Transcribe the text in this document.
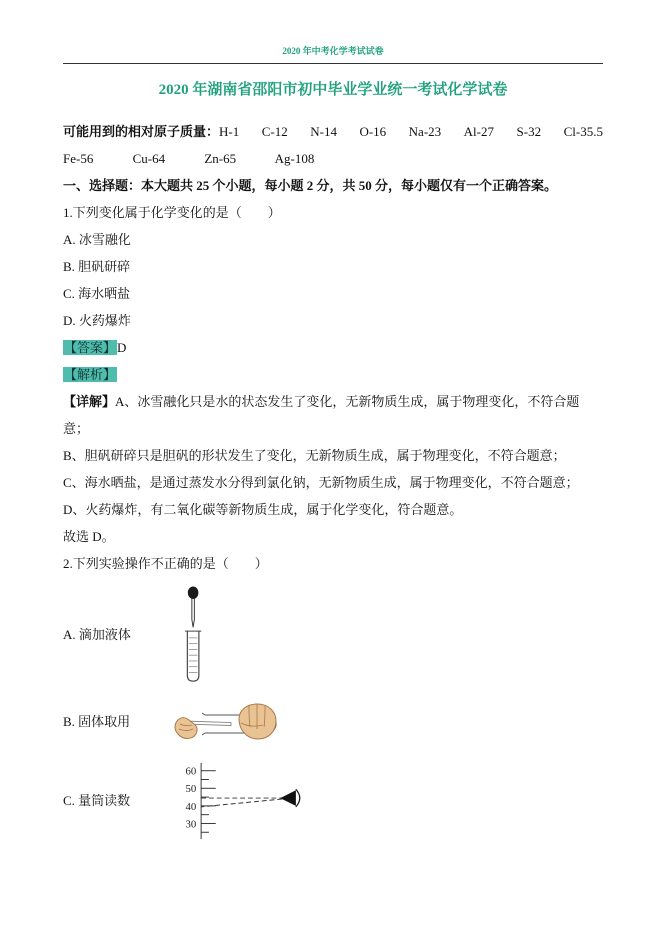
2020 年中考化学考试试卷

2020 年湖南省邵阳市初中毕业学业统一考试化学试卷

可能用到的相对原子质量：H-1 C-12 N-14 O-16 Na-23 Al-27 S-32 Cl-35.5

Fe-56	Cu-64	Zn-65	Ag-108

一、选择题：本大题共 25 个小题，每小题 2 分，共 50 分，每小题仅有一个正确答案。

1.下列变化属于化学变化的是（　　）

A. 冰雪融化

B. 胆矾研碎

C. 海水晒盐

D. 火药爆炸

【答案】D

【解析】

【详解】A、冰雪融化只是水的状态发生了变化，无新物质生成，属于物理变化，不符合题意；

B、胆矾研碎只是胆矾的形状发生了变化，无新物质生成，属于物理变化，不符合题意；

C、海水晒盐，是通过蒸发水分得到氯化钠，无新物质生成，属于物理变化，不符合题意；

D、火药爆炸，有二氧化碳等新物质生成，属于化学变化，符合题意。

故选 D。

2.下列实验操作不正确的是（　　）

A. 滴加液体
B. 固体取用
C. 量筒读数
60
50
40
30
